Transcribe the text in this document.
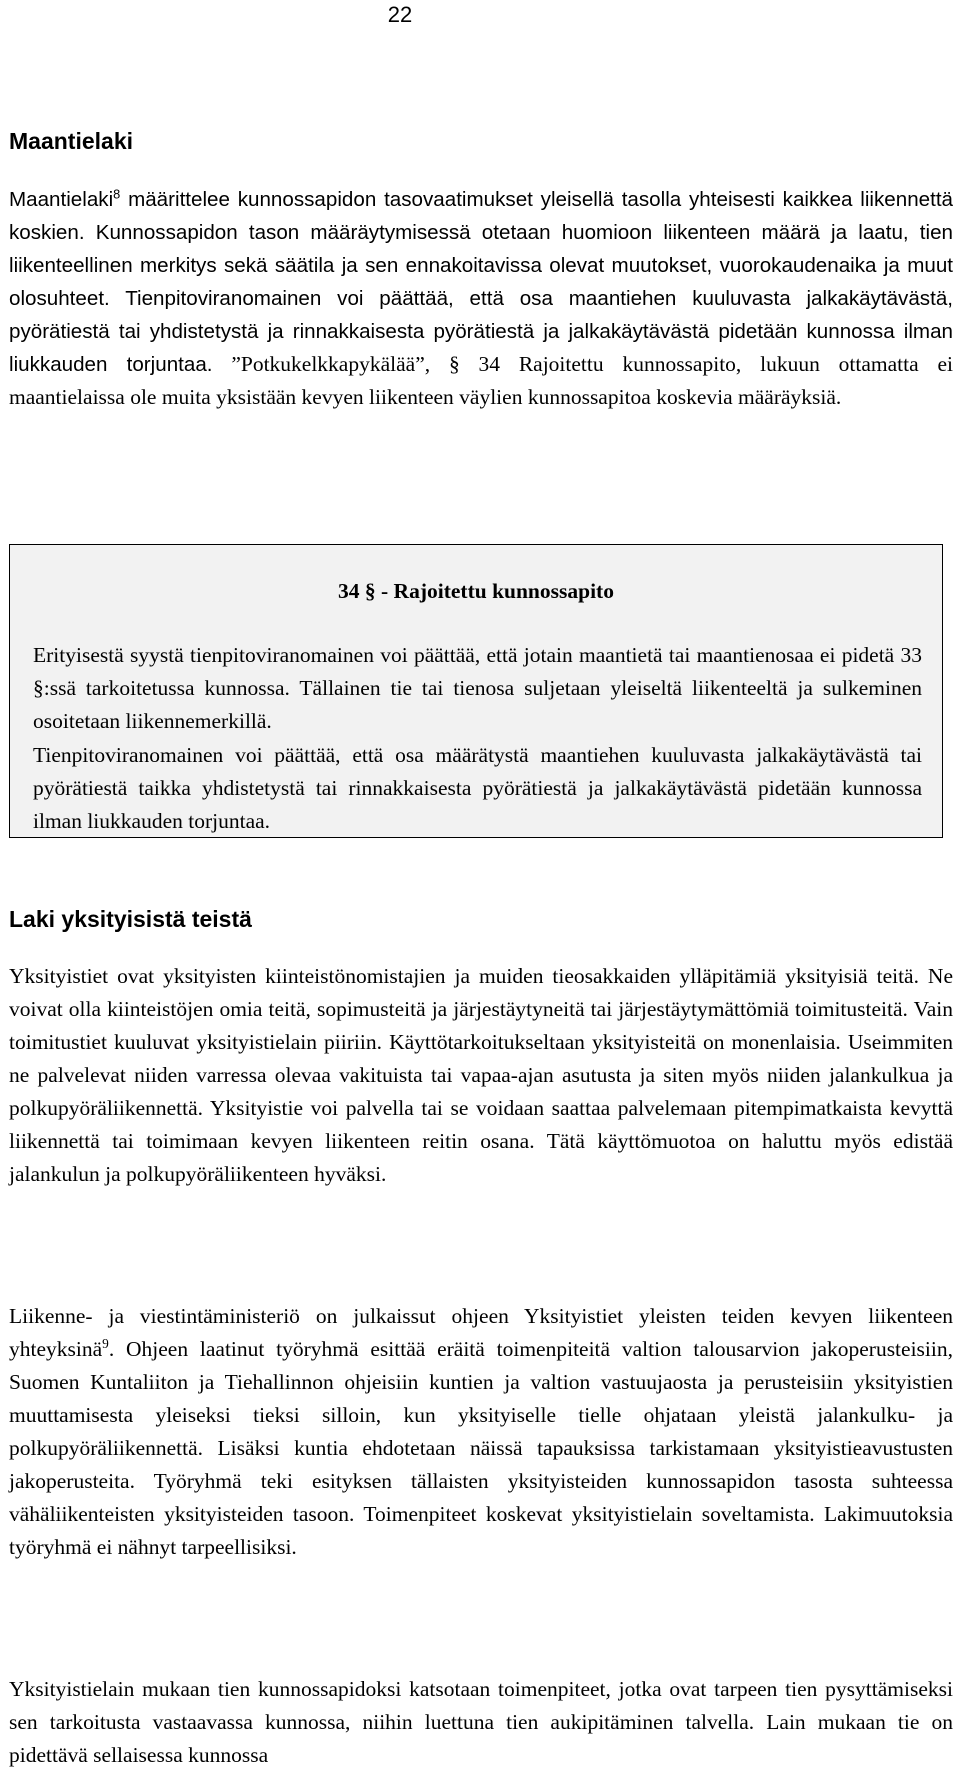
22
Maantielaki

Maantielaki$^8$ määrittelee kunnossapidon tasovaatimukset yleisellä tasolla yhteisesti kaikkea liikennettä koskien. Kunnossapidon tason määräytymisessä otetaan huomioon liikenteen määrä ja laatu, tien liikenteellinen merkitys sekä säätila ja sen ennakoitavissa olevat muutokset, vuorokaudenaika ja muut olosuhteet. Tienpitoviranomainen voi päättää, että osa maantiehen kuuluvasta jalkakäytävästä, pyörätiestä tai yhdistetystä ja rinnakkaisesta pyörätiestä ja jalkakäytävästä pidetään kunnossa ilman liukkauden torjuntaa. ”Potkukelkkapykälää”, § 34 Rajoitettu kunnossapito, lukuun ottamatta ei maantielaissa ole muita yksistään kevyen liikenteen väylien kunnossapitoa koskevia määräyksiä.

34 § - Rajoitettu kunnossapito

Erityisestä syystä tienpitoviranomainen voi päättää, että jotain maantietä tai maantienosaa ei pidetä 33 §:ssä tarkoitetussa kunnossa. Tällainen tie tai tienosa suljetaan yleiseltä liikenteeltä ja sulkeminen osoitetaan liikennemerkillä.

Tienpitoviranomainen voi päättää, että osa määrätystä maantiehen kuuluvasta jalkakäytävästä tai pyörätiestä taikka yhdistetystä tai rinnakkaisesta pyörätiestä ja jalkakäytävästä pidetään kunnossa ilman liukkauden torjuntaa.

Laki yksityisistä teistä

Yksityistiet ovat yksityisten kiinteistönomistajien ja muiden tieosakkaiden ylläpitämiä yksityisiä teitä. Ne voivat olla kiinteistöjen omia teitä, sopimusteitä ja järjestäytyneitä tai järjestäytymättömiä toimitusteitä. Vain toimitustiet kuuluvat yksityistielain piiriin. Käyttötarkoitukseltaan yksityisteitä on monenlaisia. Useimmiten ne palvelevat niiden varressa olevaa vakituista tai vapaa-ajan asutusta ja siten myös niiden jalankulkua ja polkupyöräliikennettä. Yksityistie voi palvella tai se voidaan saattaa palvelemaan pitempimatkaista kevyttä liikennettä tai toimimaan kevyen liikenteen reitin osana. Tätä käyttömuotoa on haluttu myös edistää jalankulun ja polkupyöräliikenteen hyväksi.

Liikenne- ja viestintäministeriö on julkaissut ohjeen Yksityistiet yleisten teiden kevyen liikenteen yhteyksinä$^9$. Ohjeen laatinut työryhmä esittää eräitä toimenpiteitä valtion talousarvion jakoperusteisiin, Suomen Kuntaliiton ja Tiehallinnon ohjeisiin kuntien ja valtion vastuujaosta ja perusteisiin yksityistien muuttamisesta yleiseksi tieksi silloin, kun yksityiselle tielle ohjataan yleistä jalankulku- ja polkupyöräliikennettä. Lisäksi kuntia ehdotetaan näissä tapauksissa tarkistamaan yksityistieavustusten jakoperusteita. Työryhmä teki esityksen tällaisten yksityisteiden kunnossapidon tasosta suhteessa vähäliikenteisten yksityisteiden tasoon. Toimenpiteet koskevat yksityistielain soveltamista. Lakimuutoksia työryhmä ei nähnyt tarpeellisiksi.

Yksityistielain mukaan tien kunnossapidoksi katsotaan toimenpiteet, jotka ovat tarpeen tien pysyttämiseksi sen tarkoitusta vastaavassa kunnossa, niihin luettuna tien aukipitäminen talvella. Lain mukaan tie on pidettävä sellaisessa kunnossa
